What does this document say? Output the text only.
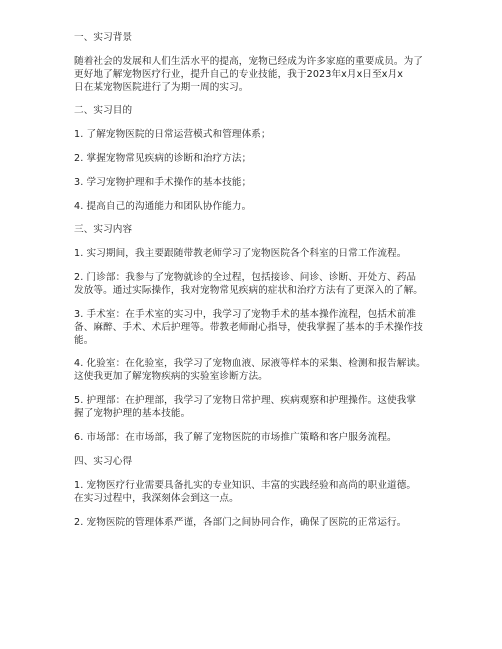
一、实习背景
随着社会的发展和人们生活水平的提高，宠物已经成为许多家庭的重要成员。为了
更好地了解宠物医疗行业，提升自己的专业技能，我于2023年x月x日至x月x
日在某宠物医院进行了为期一周的实习。
二、实习目的
1. 了解宠物医院的日常运营模式和管理体系；
2. 掌握宠物常见疾病的诊断和治疗方法；
3. 学习宠物护理和手术操作的基本技能；
4. 提高自己的沟通能力和团队协作能力。
三、实习内容
1. 实习期间，我主要跟随带教老师学习了宠物医院各个科室的日常工作流程。
2. 门诊部：我参与了宠物就诊的全过程，包括接诊、问诊、诊断、开处方、药品
发放等。通过实际操作，我对宠物常见疾病的症状和治疗方法有了更深入的了解。
3. 手术室：在手术室的实习中，我学习了宠物手术的基本操作流程，包括术前准
备、麻醉、手术、术后护理等。带教老师耐心指导，使我掌握了基本的手术操作技
能。
4. 化验室：在化验室，我学习了宠物血液、尿液等样本的采集、检测和报告解读。
这使我更加了解宠物疾病的实验室诊断方法。
5. 护理部：在护理部，我学习了宠物日常护理、疾病观察和护理操作。这使我掌
握了宠物护理的基本技能。
6. 市场部：在市场部，我了解了宠物医院的市场推广策略和客户服务流程。
四、实习心得
1. 宠物医疗行业需要具备扎实的专业知识、丰富的实践经验和高尚的职业道德。
在实习过程中，我深刻体会到这一点。
2. 宠物医院的管理体系严谨，各部门之间协同合作，确保了医院的正常运行。
